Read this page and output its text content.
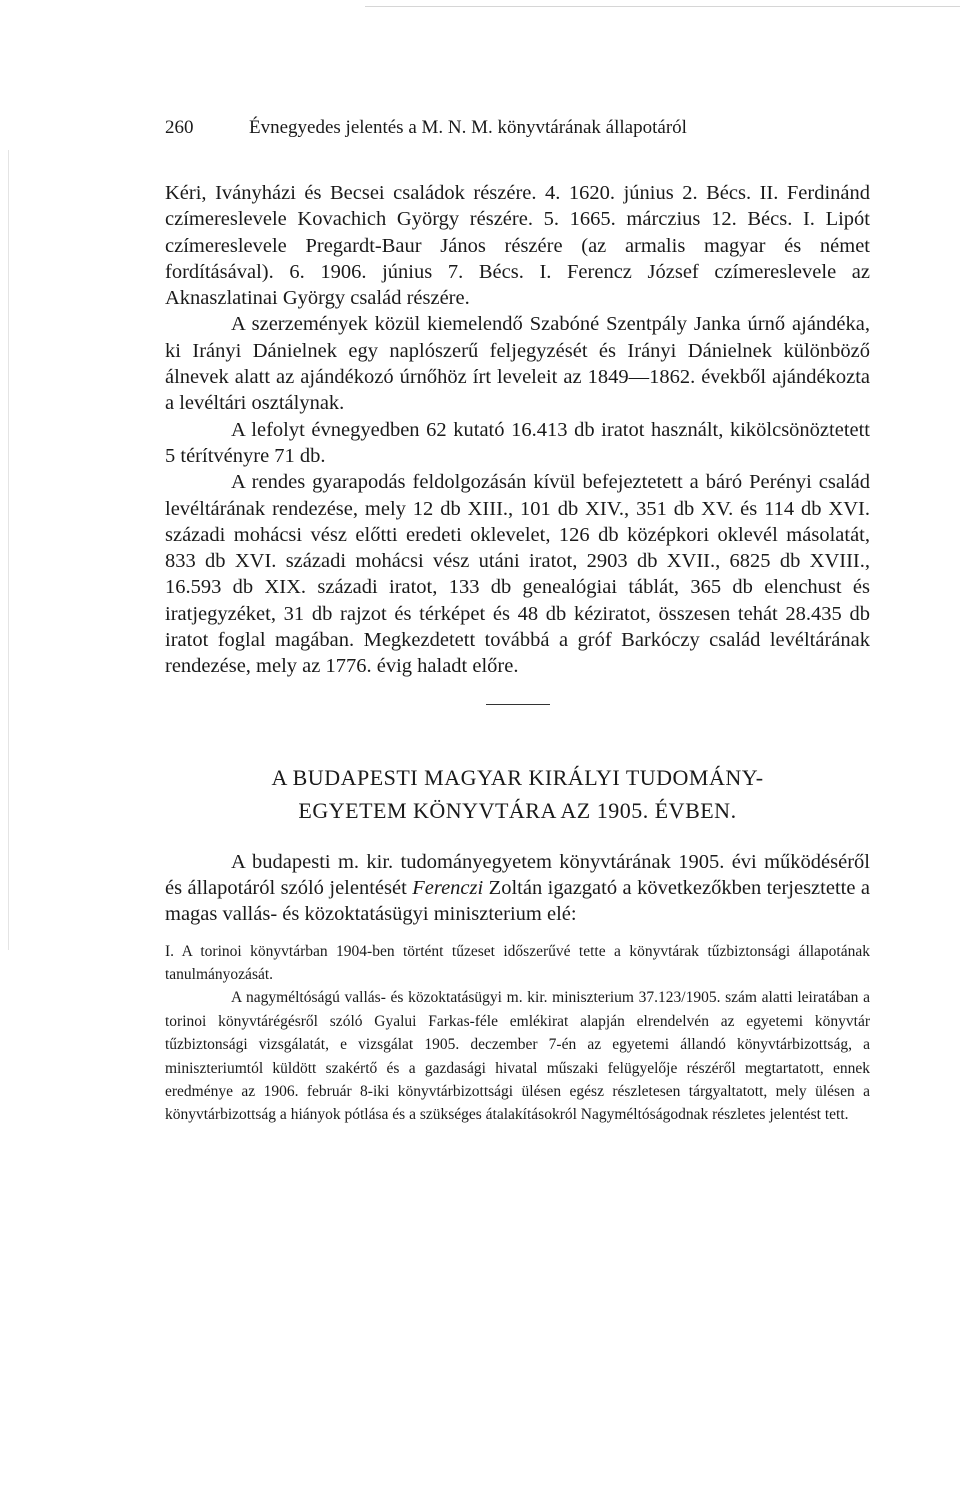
260	Évnegyedes jelentés a M. N. M. könyvtárának állapotáról

Kéri, Iványházi és Becsei családok részére. 4. 1620. június 2. Bécs. II. Ferdinánd czímereslevele Kovachich György részére. 5. 1665. márczius 12. Bécs. I. Lipót czímereslevele Pregardt-Baur János részére (az armalis magyar és német fordításával). 6. 1906. június 7. Bécs. I. Ferencz József czímereslevele az Aknaszlatinai György család részére.

A szerzemények közül kiemelendő Szabóné Szentpály Janka úrnő ajándéka, ki Irányi Dánielnek egy naplószerű feljegyzését és Irányi Dánielnek különböző álnevek alatt az ajándékozó úrnőhöz írt leveleit az 1849—1862. évekből ajándékozta a levéltári osztálynak.

A lefolyt évnegyedben 62 kutató 16.413 db iratot használt, kikölcsönöztetett 5 térítvényre 71 db.

A rendes gyarapodás feldolgozásán kívül befejeztetett a báró Perényi család levéltárának rendezése, mely 12 db XIII., 101 db XIV., 351 db XV. és 114 db XVI. századi mohácsi vész előtti eredeti oklevelet, 126 db középkori oklevél másolatát, 833 db XVI. századi mohácsi vész utáni iratot, 2903 db XVII., 6825 db XVIII., 16.593 db XIX. századi iratot, 133 db genealógiai táblát, 365 db elenchust és iratjegyzéket, 31 db rajzot és térképet és 48 db kéziratot, összesen tehát 28.435 db iratot foglal magában. Megkezdetett továbbá a gróf Barkóczy család levéltárának rendezése, mely az 1776. évig haladt előre.

A BUDAPESTI MAGYAR KIRÁLYI TUDOMÁNY-
EGYETEM KÖNYVTÁRA AZ 1905. ÉVBEN.

A budapesti m. kir. tudományegyetem könyvtárának 1905. évi működéséről és állapotáról szóló jelentését Ferenczi Zoltán igazgató a következőkben terjesztette a magas vallás- és közoktatásügyi miniszterium elé:

I. A torinoi könyvtárban 1904-ben történt tűzeset időszerűvé tette a könyvtárak tűzbiztonsági állapotának tanulmányozását.

A nagyméltóságú vallás- és közoktatásügyi m. kir. miniszterium 37.123/1905. szám alatti leiratában a torinoi könyvtárégésről szóló Gyalui Farkas-féle emlékirat alapján elrendelvén az egyetemi könyvtár tűzbiztonsági vizsgálatát, e vizsgálat 1905. deczember 7-én az egyetemi állandó könyvtárbizottság, a miniszteriumtól küldött szakértő és a gazdasági hivatal műszaki felügyelője részéről megtartatott, ennek eredménye az 1906. február 8-iki könyvtárbizottsági ülésen egész részletesen tárgyaltatott, mely ülésen a könyvtárbizottság a hiányok pótlása és a szükséges átalakításokról Nagyméltóságodnak részletes jelentést tett.
